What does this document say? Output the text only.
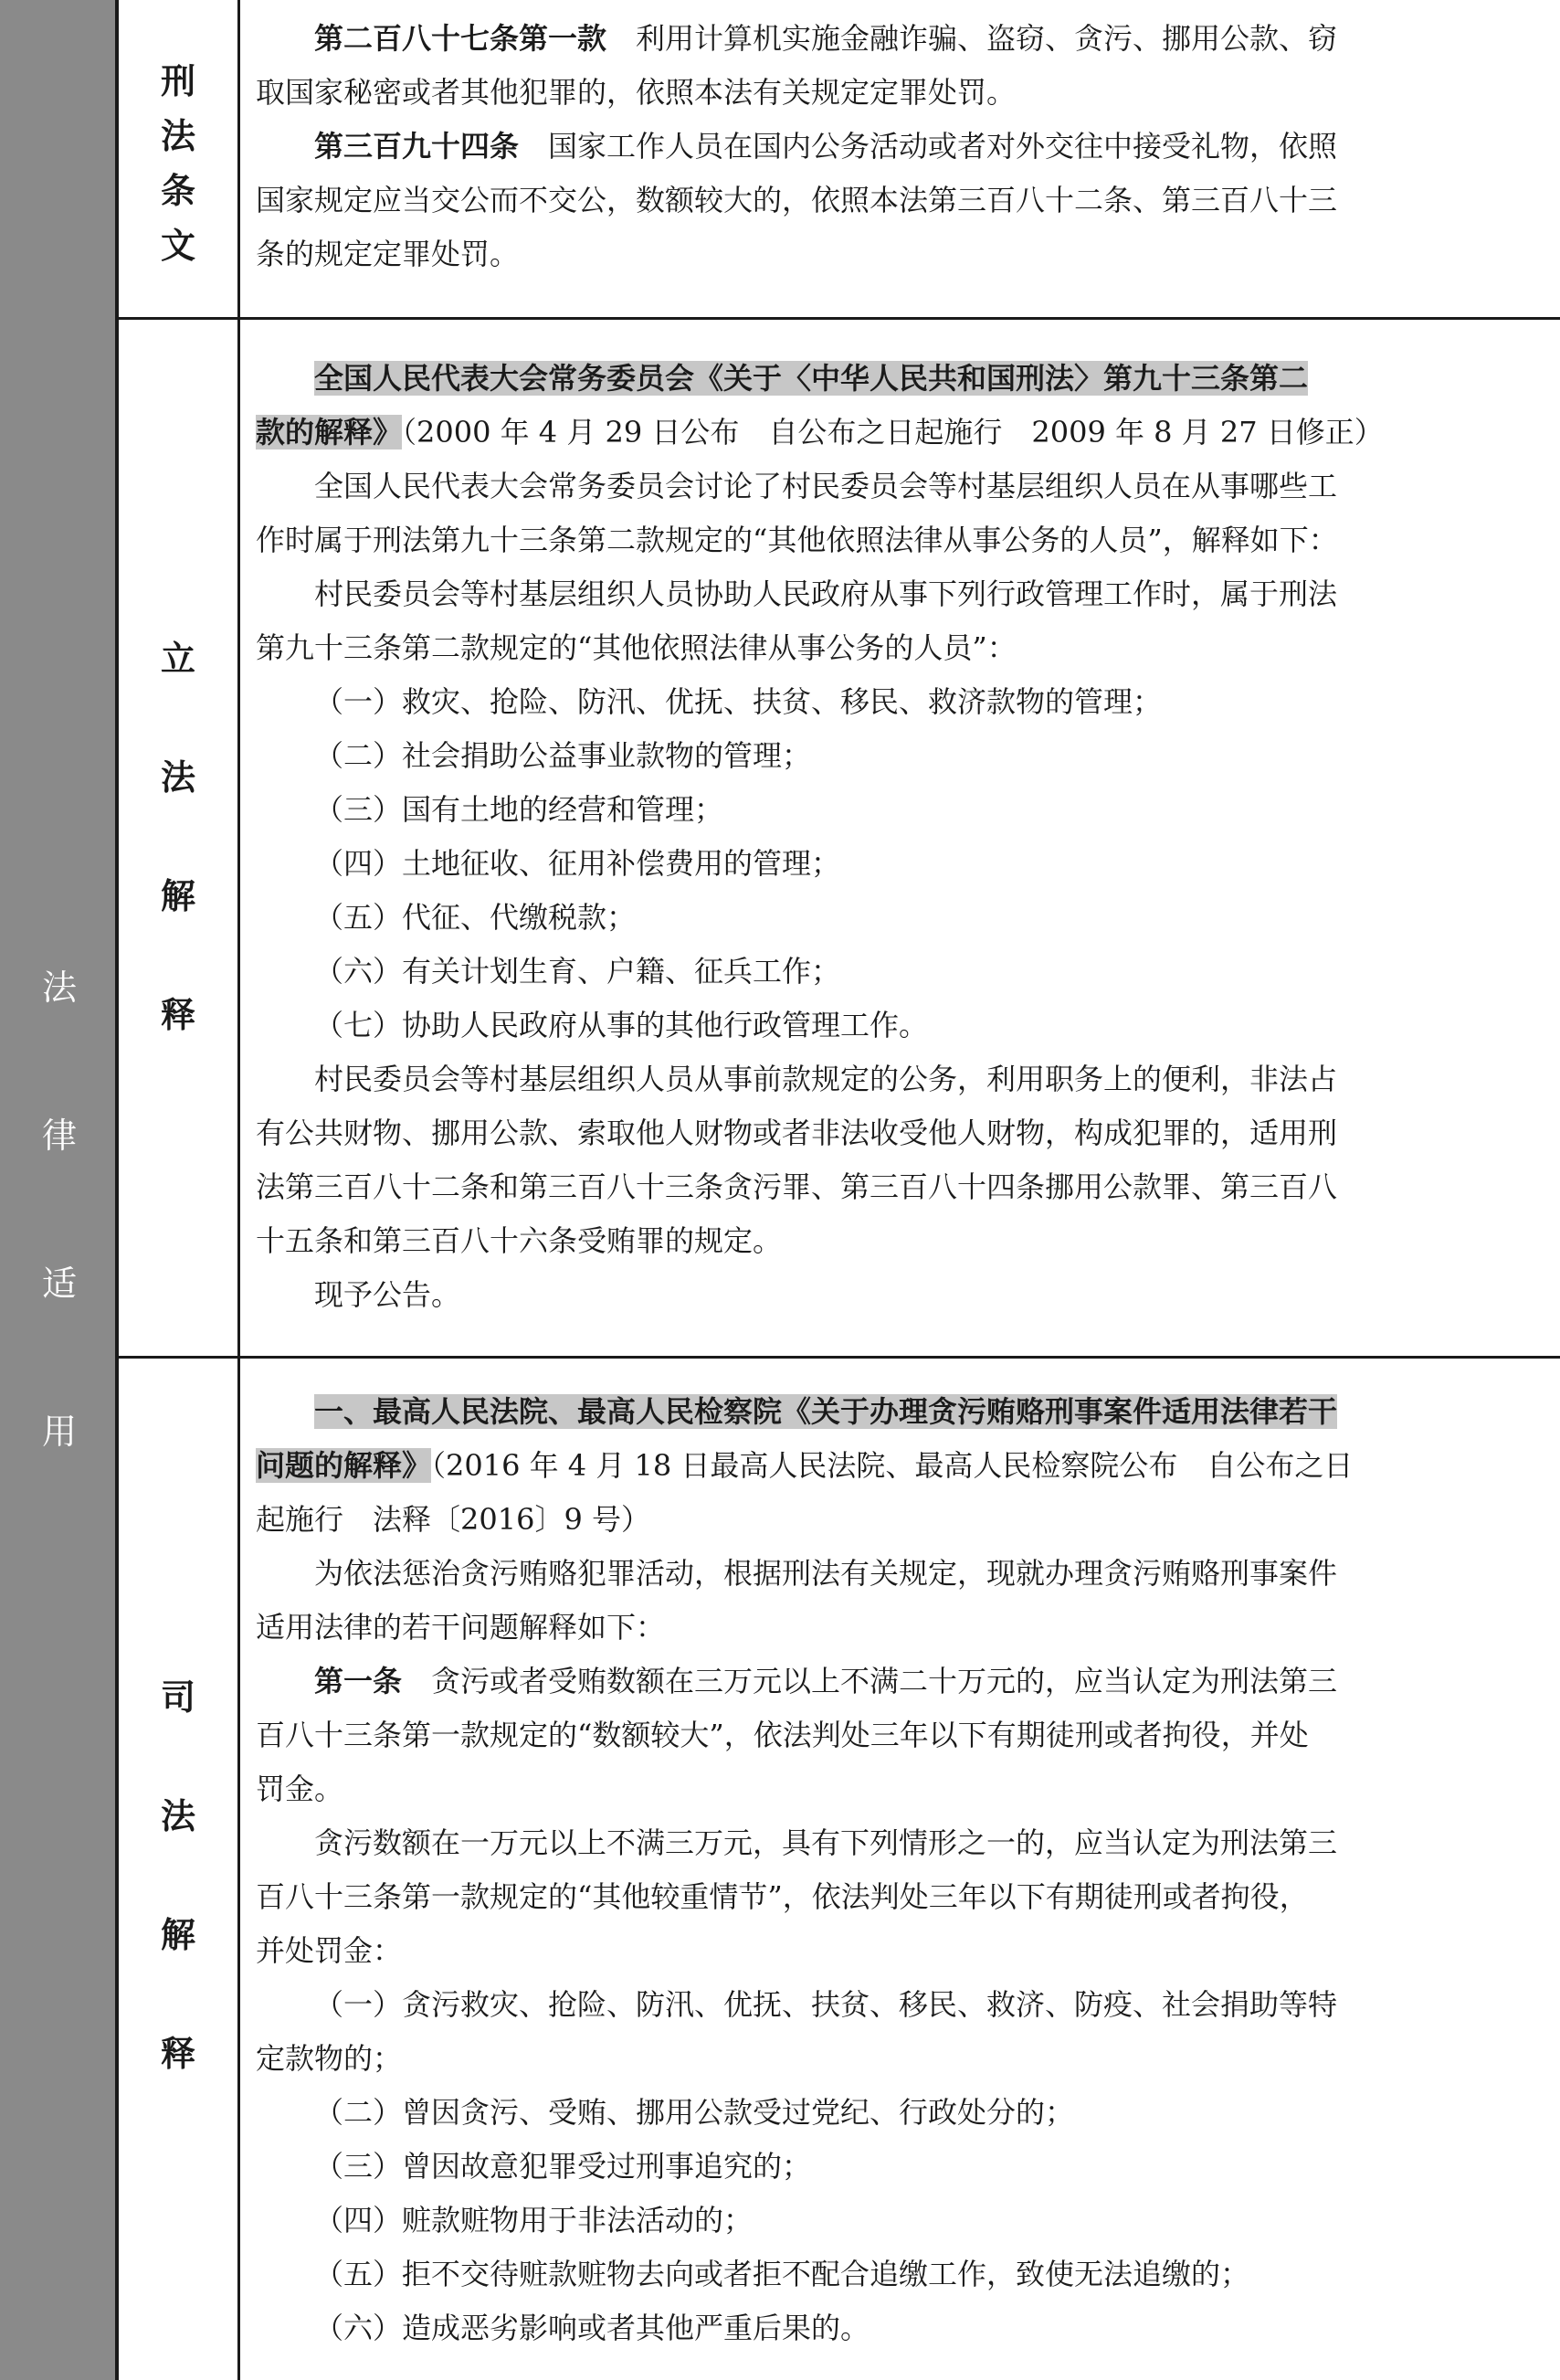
法
律
适
用
刑
法
条
文
第二百八十七条第一款　利用计算机实施金融诈骗、盗窃、贪污、挪用公款、窃
取国家秘密或者其他犯罪的，依照本法有关规定定罪处罚。
第三百九十四条　国家工作人员在国内公务活动或者对外交往中接受礼物，依照
国家规定应当交公而不交公，数额较大的，依照本法第三百八十二条、第三百八十三
条的规定定罪处罚。
立
法
解
释
全国人民代表大会常务委员会《关于〈中华人民共和国刑法〉第九十三条第二
款的解释》（2000 年 4 月 29 日公布　自公布之日起施行　2009 年 8 月 27 日修正）
全国人民代表大会常务委员会讨论了村民委员会等村基层组织人员在从事哪些工
作时属于刑法第九十三条第二款规定的“其他依照法律从事公务的人员”，解释如下：
村民委员会等村基层组织人员协助人民政府从事下列行政管理工作时，属于刑法
第九十三条第二款规定的“其他依照法律从事公务的人员”：
（一）救灾、抢险、防汛、优抚、扶贫、移民、救济款物的管理；
（二）社会捐助公益事业款物的管理；
（三）国有土地的经营和管理；
（四）土地征收、征用补偿费用的管理；
（五）代征、代缴税款；
（六）有关计划生育、户籍、征兵工作；
（七）协助人民政府从事的其他行政管理工作。
村民委员会等村基层组织人员从事前款规定的公务，利用职务上的便利，非法占
有公共财物、挪用公款、索取他人财物或者非法收受他人财物，构成犯罪的，适用刑
法第三百八十二条和第三百八十三条贪污罪、第三百八十四条挪用公款罪、第三百八
十五条和第三百八十六条受贿罪的规定。
现予公告。
司
法
解
释
一、最高人民法院、最高人民检察院《关于办理贪污贿赂刑事案件适用法律若干
问题的解释》（2016 年 4 月 18 日最高人民法院、最高人民检察院公布　自公布之日
起施行　法释〔2016〕9 号）
为依法惩治贪污贿赂犯罪活动，根据刑法有关规定，现就办理贪污贿赂刑事案件
适用法律的若干问题解释如下：
第一条　贪污或者受贿数额在三万元以上不满二十万元的，应当认定为刑法第三
百八十三条第一款规定的“数额较大”，依法判处三年以下有期徒刑或者拘役，并处
罚金。
贪污数额在一万元以上不满三万元，具有下列情形之一的，应当认定为刑法第三
百八十三条第一款规定的“其他较重情节”，依法判处三年以下有期徒刑或者拘役，
并处罚金：
（一）贪污救灾、抢险、防汛、优抚、扶贫、移民、救济、防疫、社会捐助等特
定款物的；
（二）曾因贪污、受贿、挪用公款受过党纪、行政处分的；
（三）曾因故意犯罪受过刑事追究的；
（四）赃款赃物用于非法活动的；
（五）拒不交待赃款赃物去向或者拒不配合追缴工作，致使无法追缴的；
（六）造成恶劣影响或者其他严重后果的。
